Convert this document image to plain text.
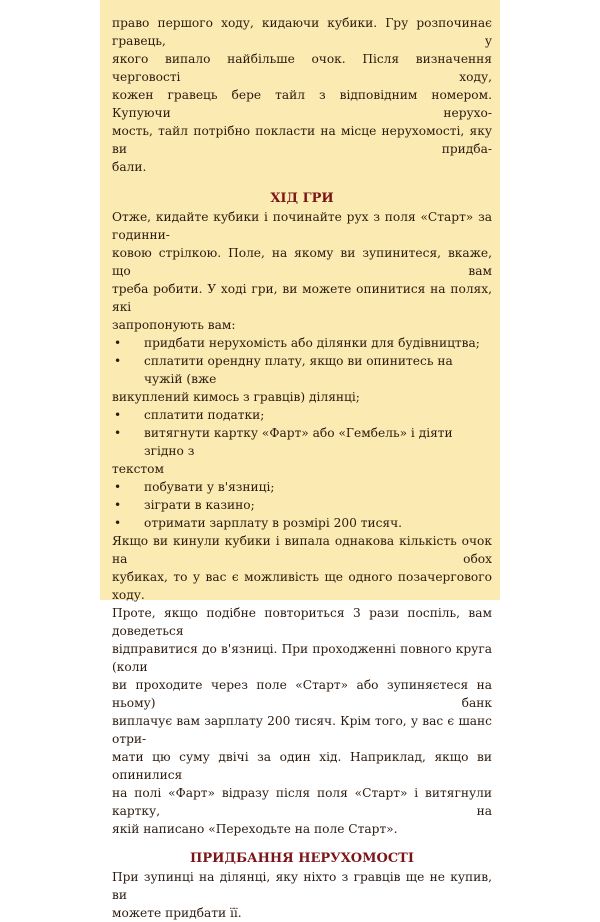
право першого ходу, кидаючи кубики. Гру розпочинає гравець, у
якого випало найбільше очок. Після визначення черговості ходу,
кожен гравець бере тайл з відповідним номером. Купуючи нерухо-
мость, тайл потрібно покласти на місце нерухомості, яку ви придба-
бали.
ХІД ГРИ
Отже, кидайте кубики і починайте рух з поля «Старт» за годинни-
ковою стрілкою. Поле, на якому ви зупинитеся, вкаже, що вам
треба робити. У ході гри, ви можете опинитися на полях, які
запропонують вам:
• придбати нерухомість або ділянки для будівництва;
• сплатити орендну плату, якщо ви опинитесь на чужій (вже
викуплений кимось з гравців) ділянці;
• сплатити податки;
• витягнути картку «Фарт» або «Гембель» і діяти згідно з
текстом
• побувати у в'язниці;
• зіграти в казино;
• отримати зарплату в розмірі 200 тисяч.
Якщо ви кинули кубики і випала однакова кількість очок на обох
кубиках, то у вас є можливість ще одного позачергового ходу.
Проте, якщо подібне повториться 3 рази поспіль, вам доведеться
відправитися до в'язниці. При проходженні повного круга (коли
ви проходите через поле «Старт» або зупиняєтеся на ньому) банк
виплачує вам зарплату 200 тисяч. Крім того, у вас є шанс отри-
мати цю суму двічі за один хід. Наприклад, якщо ви опинилися
на полі «Фарт» відразу після поля «Старт» і витягнули картку, на
якій написано «Переходьте на поле Старт».
ПРИДБАННЯ НЕРУХОМОСТІ
При зупинці на ділянці, яку ніхто з гравців ще не купив, ви
можете придбати її.
